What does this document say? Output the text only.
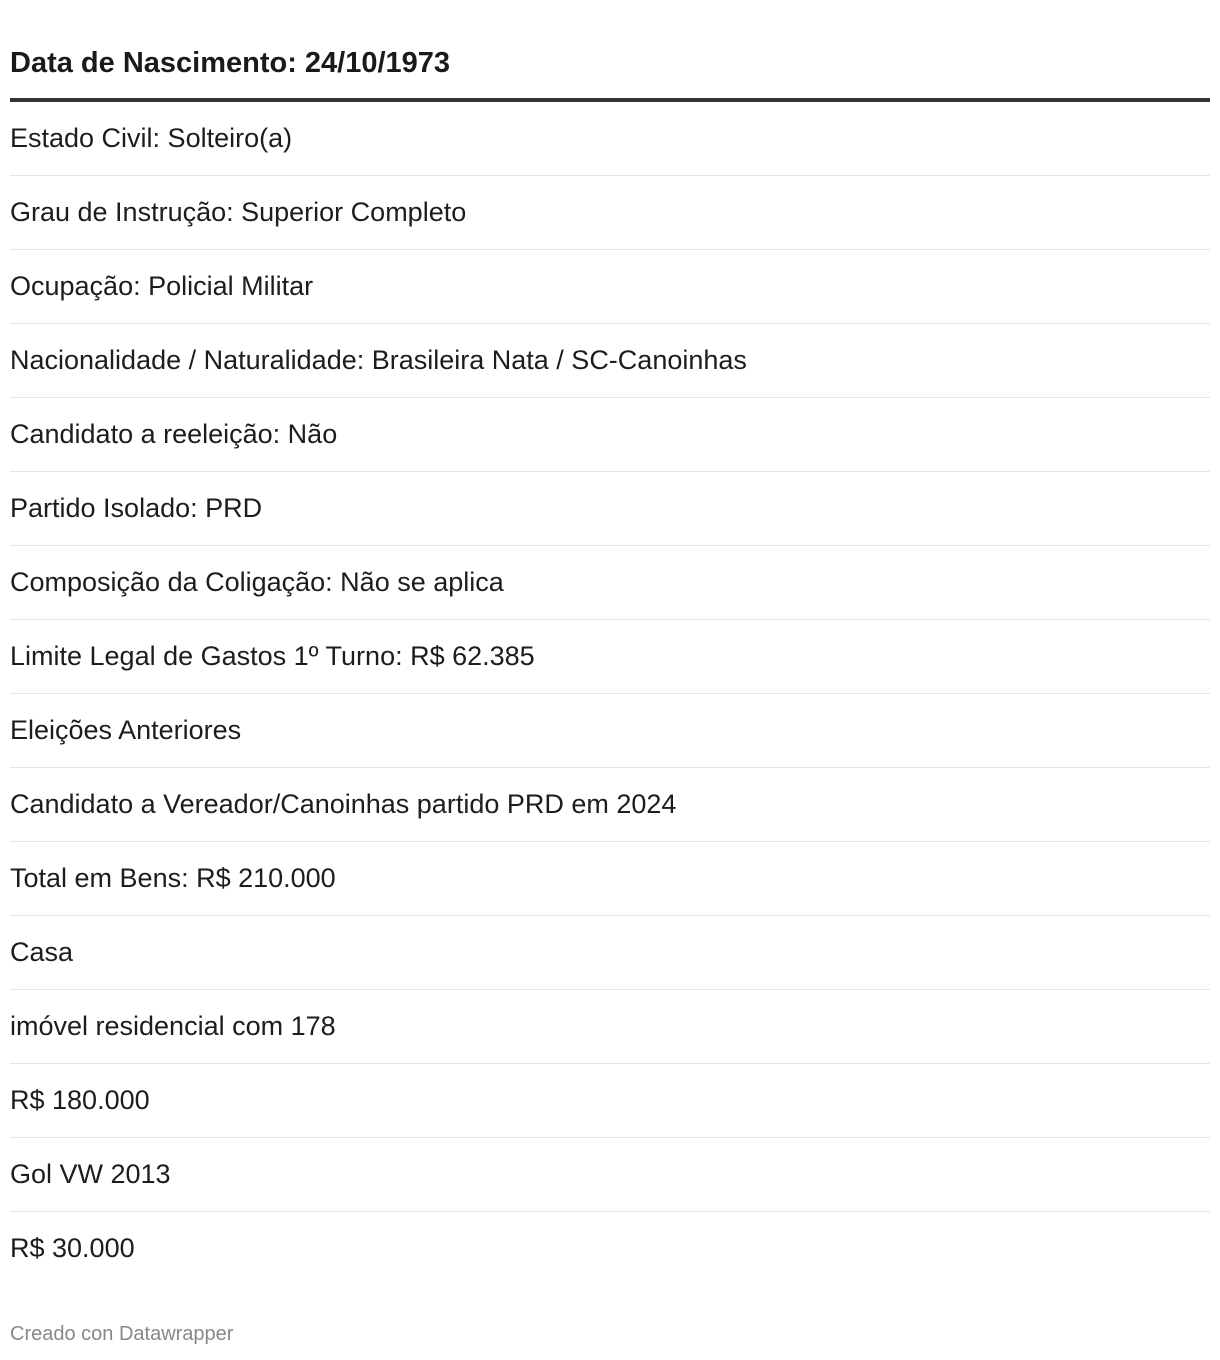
Data de Nascimento: 24/10/1973
Estado Civil: Solteiro(a)
Grau de Instrução: Superior Completo
Ocupação: Policial Militar
Nacionalidade / Naturalidade: Brasileira Nata / SC-Canoinhas
Candidato a reeleição: Não
Partido Isolado: PRD
Composição da Coligação: Não se aplica
Limite Legal de Gastos 1º Turno: R$ 62.385
Eleições Anteriores
Candidato a Vereador/Canoinhas partido PRD em 2024
Total em Bens: R$ 210.000
Casa
imóvel residencial com 178
R$ 180.000
Gol VW 2013
R$ 30.000
Creado con Datawrapper
